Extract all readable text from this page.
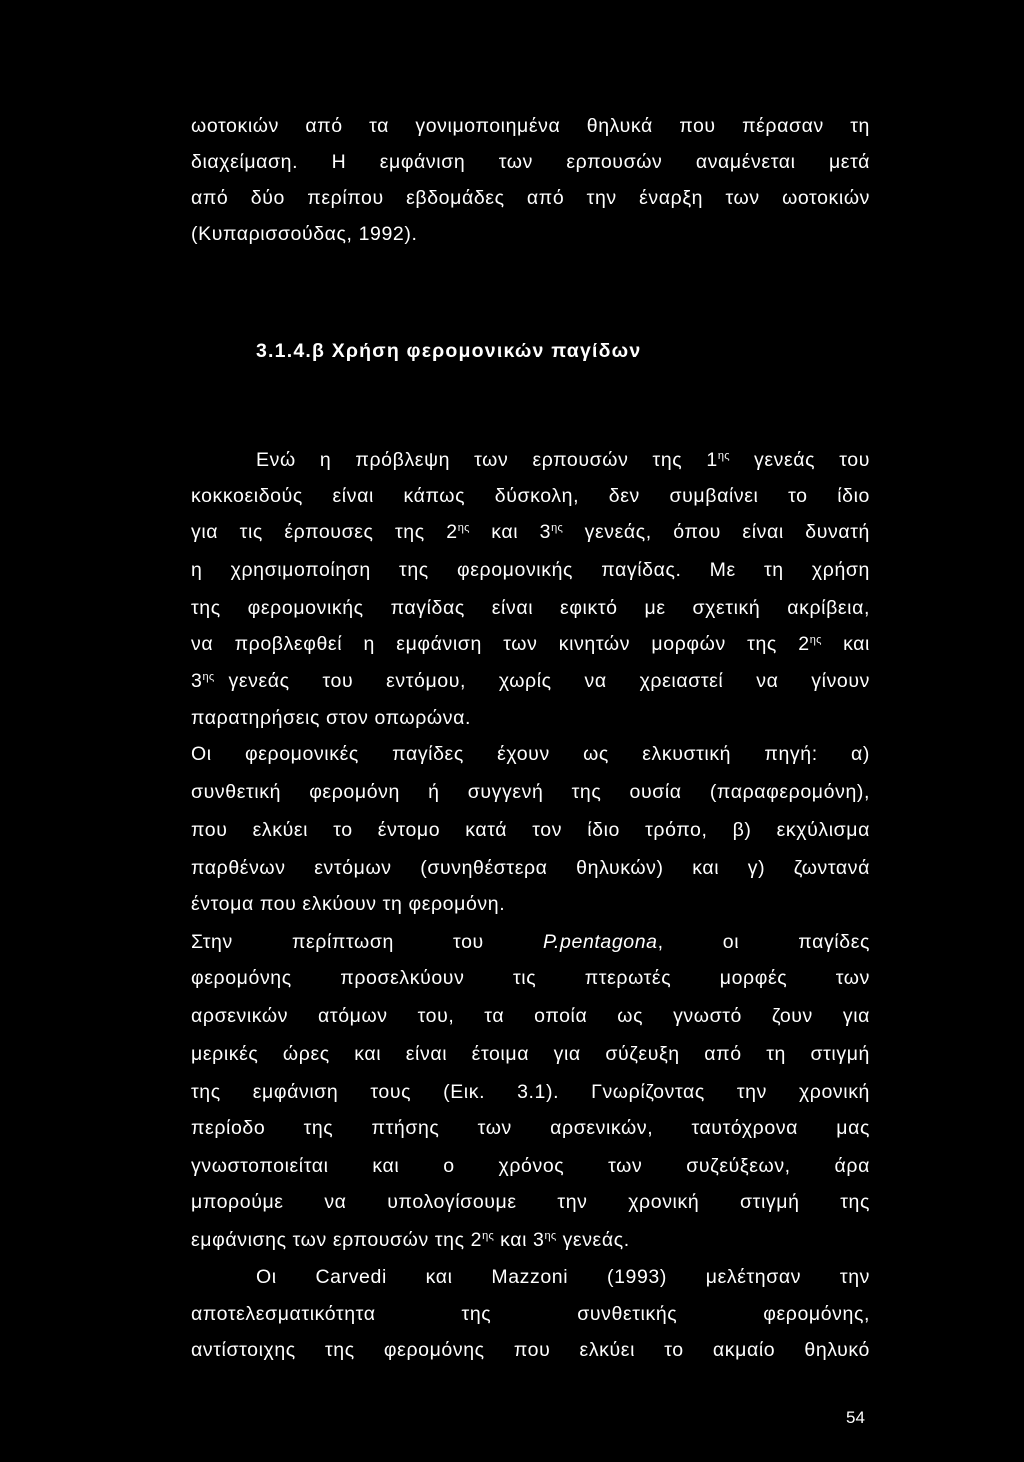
ωοτοκιών από τα γονιμοποιημένα θηλυκά που πέρασαν τη
διαχείμαση. Η εμφάνιση των ερπουσών αναμένεται μετά
από δύο περίπου εβδομάδες από την έναρξη των ωοτοκιών
(Κυπαρισσούδας, 1992).
3.1.4.β Χρήση φερομονικών παγίδων
Ενώ η πρόβλεψη των ερπουσών της $1^{\eta\varsigma}$ γενεάς του
κοκκοειδούς είναι κάπως δύσκολη, δεν συμβαίνει το ίδιο
για τις έρπουσες της $2^{\eta\varsigma}$ και $3^{\eta\varsigma}$ γενεάς, όπου είναι δυνατή
η χρησιμοποίηση της φερομονικής παγίδας. Με τη χρήση
της φερομονικής παγίδας είναι εφικτό με σχετική ακρίβεια,
να προβλεφθεί η εμφάνιση των κινητών μορφών της $2^{\eta\varsigma}$ και
$3^{\eta\varsigma}$ γενεάς του εντόμου, χωρίς να χρειαστεί να γίνουν
παρατηρήσεις στον οπωρώνα.
Οι φερομονικές παγίδες έχουν ως ελκυστική πηγή: α)
συνθετική φερομόνη ή συγγενή της ουσία (παραφερομόνη),
που ελκύει το έντομο κατά τον ίδιο τρόπο, β) εκχύλισμα
παρθένων εντόμων (συνηθέστερα θηλυκών) και γ) ζωντανά
έντομα που ελκύουν τη φερομόνη.
Στην περίπτωση του	P.pentagona, οι παγίδες
φερομόνης προσελκύουν τις πτερωτές μορφές των
αρσενικών ατόμων του, τα οποία ως γνωστό ζουν για
μερικές ώρες και είναι έτοιμα για σύζευξη από τη στιγμή
της εμφάνιση τους (Εικ. 3.1). Γνωρίζοντας την χρονική
περίοδο της πτήσης των αρσενικών, ταυτόχρονα μας
γνωστοποιείται και ο χρόνος των συζεύξεων, άρα
μπορούμε να υπολογίσουμε την χρονική στιγμή της
εμφάνισης των ερπουσών της $2^{\eta\varsigma}$ και $3^{\eta\varsigma}$ γενεάς.
Οι Carvedi και Mazzoni (1993) μελέτησαν την
αποτελεσματικότητα της συνθετικής φερομόνης,
αντίστοιχης της φερομόνης που ελκύει το ακμαίο θηλυκό
54
